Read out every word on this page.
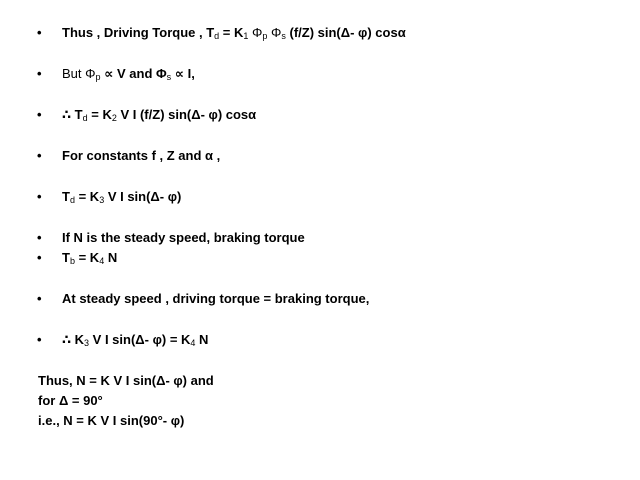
•	Thus , Driving Torque , $T_d = K_1$ $\Phi_p$ $\Phi_s$ (f/Z) sin(Δ- φ) cosα
•	But $\Phi_p \propto V$ and $\Phi_s \propto I$,
•	∴ $T_d = K_2$ V I (f/Z) sin(Δ- φ) cosα
•	For constants f , Z and α ,
•	$T_d = K_3$ V I sin(Δ- φ)
•	If N is the steady speed, braking torque
•	$T_b = K_4$ N
•	At steady speed , driving torque = braking torque,
•	∴ $K_3$ V I sin(Δ- $\varphi) = K_4$ N
Thus, N = K V I sin(Δ- φ) and
for Δ = 90°
i.e., N = K V I sin(90°- φ)
